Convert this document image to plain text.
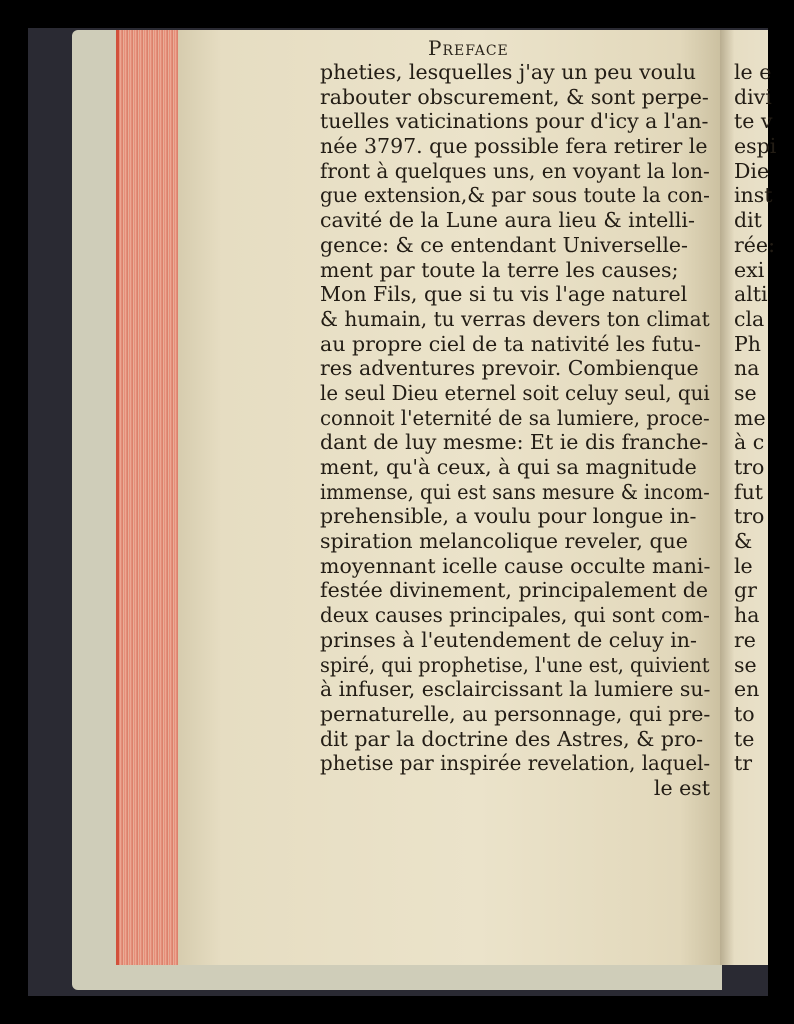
Preface
pheties, lesquelles j'ay un peu voulu
rabouter obscurement, & sont perpe-
tuelles vaticinations pour d'icy a l'an-
née 3797. que possible fera retirer le
front à quelques uns, en voyant la lon-
gue extension,& par sous toute la con-
cavité de la Lune aura lieu & intelli-
gence: & ce entendant Universelle-
ment par toute la terre les causes;
Mon Fils, que si tu vis l'age naturel
& humain, tu verras devers ton climat
au propre ciel de ta nativité les futu-
res adventures prevoir. Combienque
le seul Dieu eternel soit celuy seul, qui
connoit l'eternité de sa lumiere, proce-
dant de luy mesme: Et ie dis franche-
ment, qu'à ceux, à qui sa magnitude
immense, qui est sans mesure & incom-
prehensible, a voulu pour longue in-
spiration melancolique reveler, que
moyennant icelle cause occulte mani-
festée divinement, principalement de
deux causes principales, qui sont com-
prinses à l'eutendement de celuy in-
spiré, qui prophetise, l'une est, quivient
à infuser, esclaircissant la lumiere su-
pernaturelle, au personnage, qui pre-
dit par la doctrine des Astres, & pro-
phetise par inspirée revelation, laquel-
le est
le e
divi
te v
espi
Die
inst
dit
rée:
exi
alti
cla
Ph
na
se
me
à c
tro
fut
tro
&
le
gr
ha
re
se
en
to
te
tr
